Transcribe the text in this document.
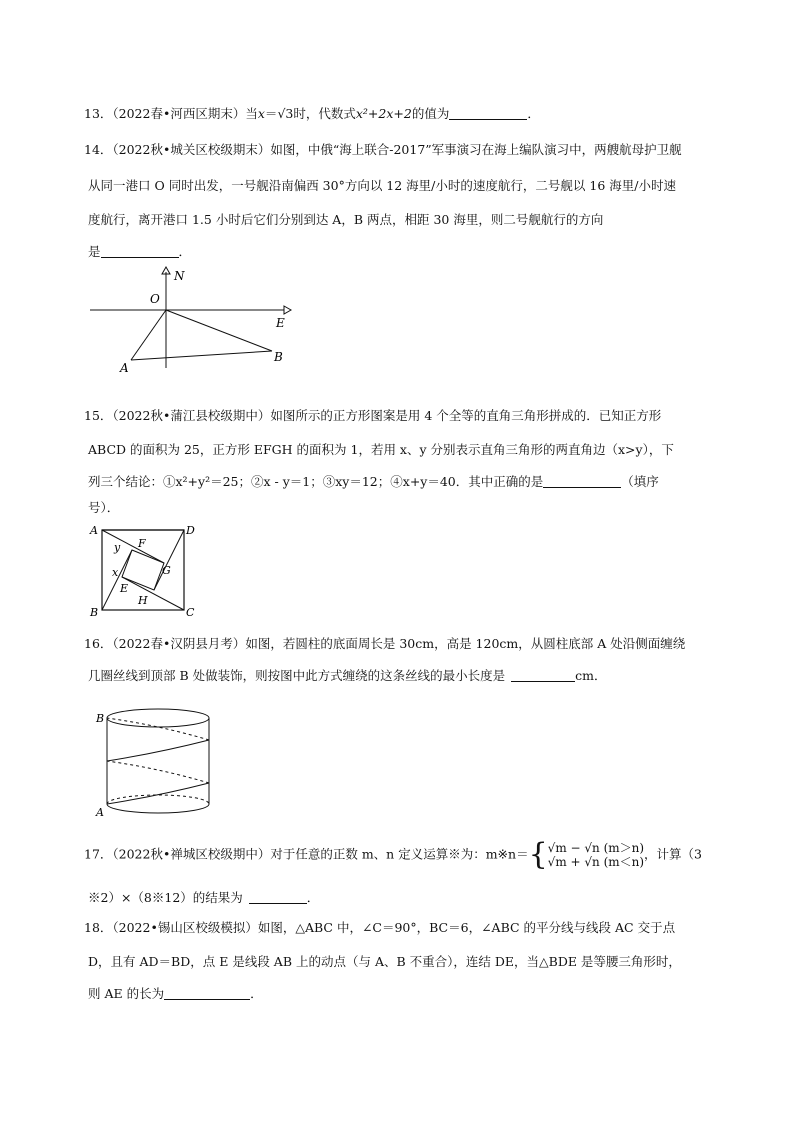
13．（2022春•河西区期末）当x＝√3时，代数式x²+2x+2的值为	．
14．（2022秋•城关区校级期末）如图，中俄“海上联合-2017”军事演习在海上编队演习中，两艘航母护卫舰
从同一港口 O 同时出发，一号舰沿南偏西 30°方向以 12 海里/小时的速度航行，二号舰以 16 海里/小时速
度航行，离开港口 1.5 小时后它们分别到达 A，B 两点，相距 30 海里，则二号舰航行的方向
是	．
N
O
E
A
B
15．（2022秋•蒲江县校级期中）如图所示的正方形图案是用 4 个全等的直角三角形拼成的．已知正方形
ABCD 的面积为 25，正方形 EFGH 的面积为 1，若用 x、y 分别表示直角三角形的两直角边（x>y），下
列三个结论：①x²+y²＝25；②x - y＝1；③xy＝12；④x+y＝40．其中正确的是	（填序
号）．
A	D
B	C
F
G
H
E
y
x
16．（2022春•汉阴县月考）如图，若圆柱的底面周长是 30cm，高是 120cm，从圆柱底部 A 处沿侧面缠绕
几圈丝线到顶部 B 处做装饰，则按图中此方式缠绕的这条丝线的最小长度是	cm．
B
A
17．（2022秋•禅城区校级期中）对于任意的正数 m、n 定义运算※为：m※n＝{ √m − √n (m＞n)
√m + √n (m＜n)
，计算（3
※2）×（8※12）的结果为	．
18．（2022•锡山区校级模拟）如图，△ABC 中，∠C＝90°，BC＝6，∠ABC 的平分线与线段 AC 交于点
D，且有 AD＝BD，点 E 是线段 AB 上的动点（与 A、B 不重合），连结 DE，当△BDE 是等腰三角形时，
则 AE 的长为	．
